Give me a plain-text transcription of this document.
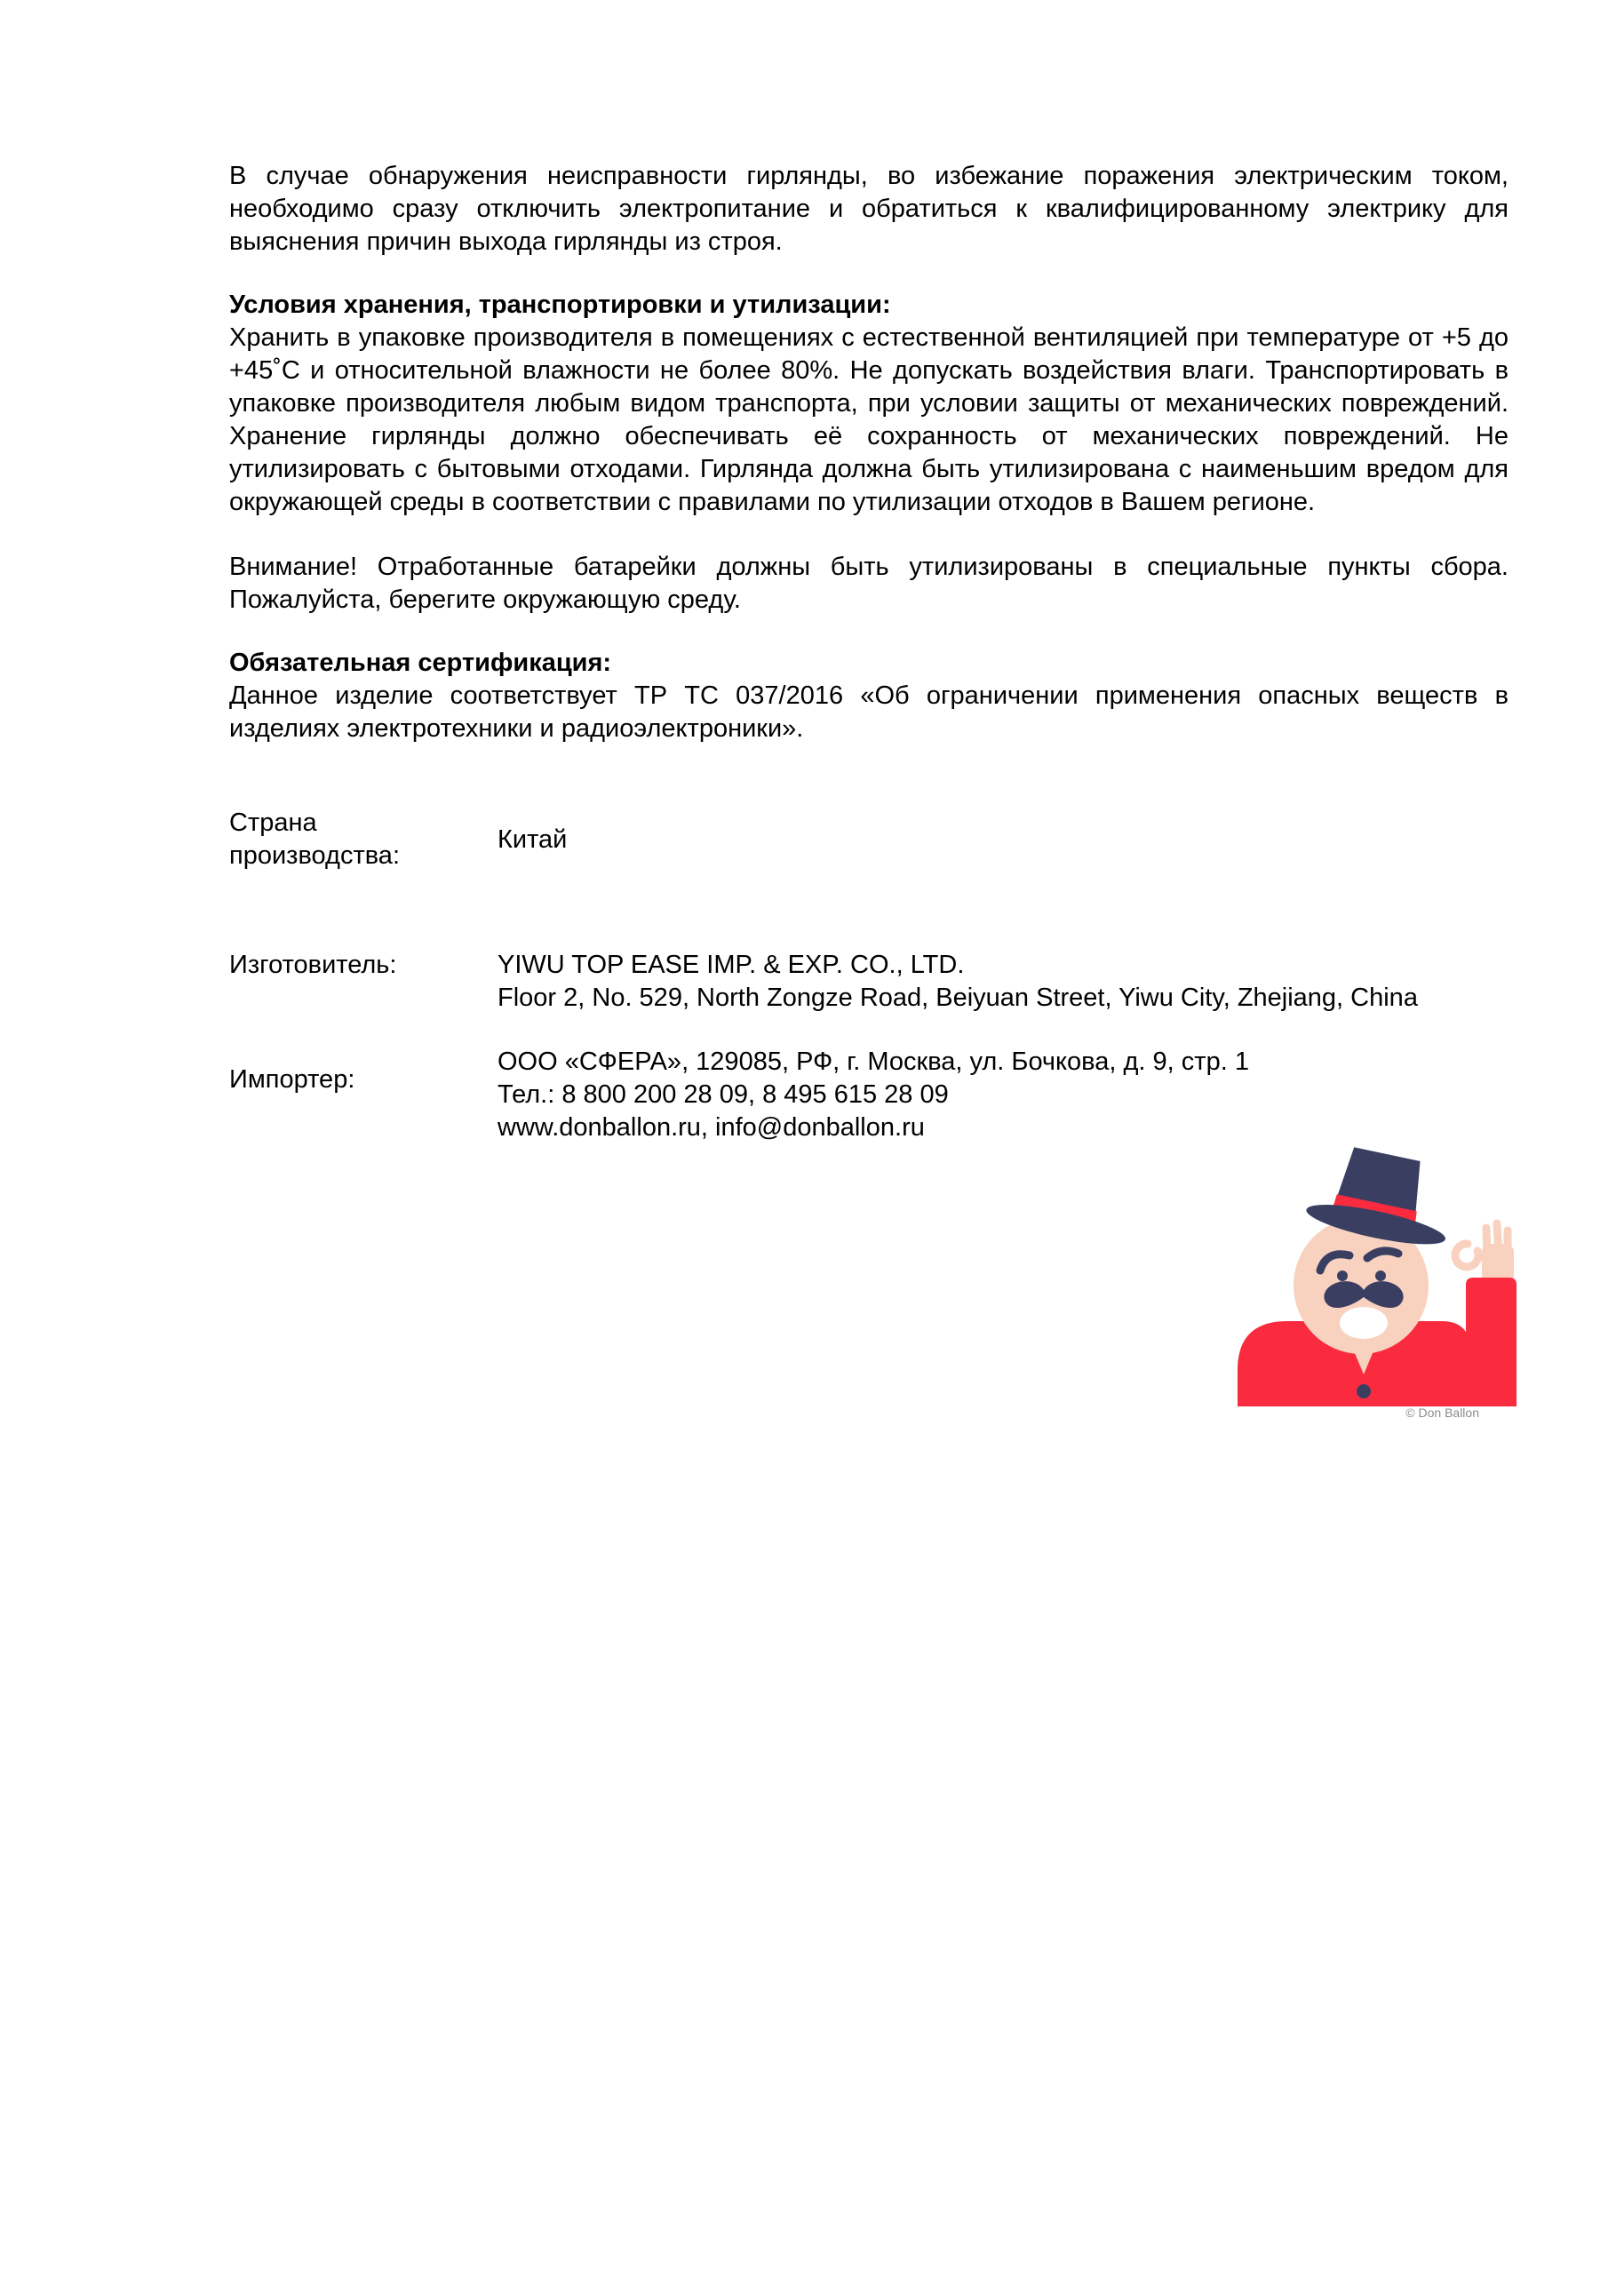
В случае обнаружения неисправности гирлянды, во избежание поражения электрическим током, необходимо сразу отключить электропитание и обратиться к квалифицированному электрику для выяснения причин выхода гирлянды из строя.

Условия хранения, транспортировки и утилизации:

Хранить в упаковке производителя в помещениях с естественной вентиляцией при температуре от +5 до +45˚С и относительной влажности не более 80%. Не допускать воздействия влаги. Транспортировать в упаковке производителя любым видом транспорта, при условии защиты от механических повреждений. Хранение гирлянды должно обеспечивать её сохранность от механических повреждений. Не утилизировать с бытовыми отходами. Гирлянда должна быть утилизирована с наименьшим вредом для окружающей среды в соответствии с правилами по утилизации отходов в Вашем регионе.

Внимание! Отработанные батарейки должны быть утилизированы в специальные пункты сбора. Пожалуйста, берегите окружающую среду.

Обязательная сертификация:

Данное изделие соответствует ТР ТС 037/2016 «Об ограничении применения опасных веществ в изделиях электротехники и радиоэлектроники».

Страна производства:
Китай
Изготовитель:	YIWU TOP EASE IMP. & EXP. CO., LTD.
Floor 2, No. 529, North Zongze Road, Beiyuan Street, Yiwu City, Zhejiang, China
Импортер:
ООО «СФЕРА», 129085, РФ, г. Москва, ул. Бочкова, д. 9, стр. 1
Тел.: 8 800 200 28 09, 8 495 615 28 09
www.donballon.ru, info@donballon.ru
© Don Ballon
